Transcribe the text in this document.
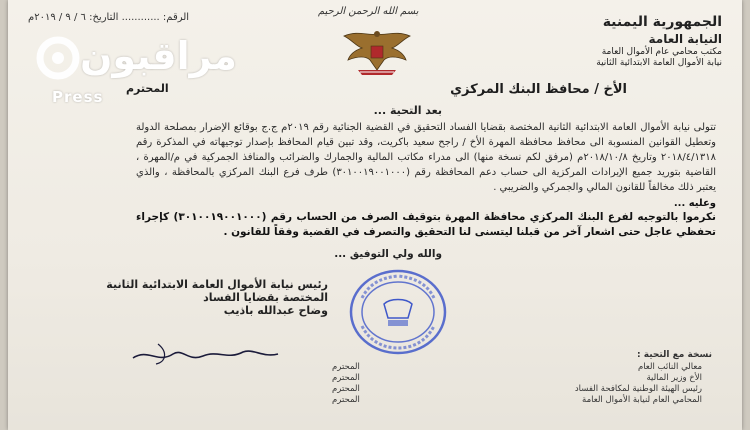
الجمهورية اليمنية
النيابة العامة
مكتب محامي عام الأموال العامة
نيابة الأموال العامة الابتدائية الثانية
بسم الله الرحمن الرحيم
الرقم: ............ التاريخ: ٦ / ٩ / ٢٠١٩م
مراقبون
Press	الأخ / محافظ البنك المركزي
المحترم
بعد التحية ...
تتولى نيابة الأموال العامة الابتدائية الثانية المختصة بقضايا الفساد التحقيق في القضية الجنائية رقم ٢٠١٩م ج.ج بوقائع الإضرار بمصلحة الدولة وتعطيل القوانين المنسوبة الى محافظ محافظة المهرة الأخ / راجح سعيد باكريت، وقد تبين قيام المحافظ بإصدار توجيهاته في المذكرة رقم ٢٠١٨/٤/١٣١٨ وتاريخ ٢٠١٨/١٠/٨م (مرفق لكم نسخة منها) الى مدراء مكاتب المالية والجمارك والضرائب والمنافذ الجمركية في م/المهرة ، القاضية بتوريد جميع الإيرادات المركزية الى حساب دعم المحافظة رقم (٣٠١٠٠١٩٠٠١٠٠٠) طرف فرع البنك المركزي بالمحافظة ، والذي يعتبر ذلك مخالفاً للقانون المالي والجمركي والضريبي .
وعليه ...
نكرموا بالتوجيه لفرع البنك المركزي محافظة المهرة بتوقيف الصرف من الحساب رقم (٣٠١٠٠١٩٠٠١٠٠٠) كإجراء تحفظي عاجل حتى اشعار آخر من قبلنا ليتسنى لنا التحقيق والتصرف في القضية وفقاً للقانون .
والله ولي التوفيق ...
رئيس نيابة الأموال العامة الابتدائية الثانية
المختصة بقضايا الفساد
وضاح عبدالله باذيب
نسخة مع التحية :
معالي النائب العام
المحترم
الأخ وزير المالية
المحترم
رئيس الهيئة الوطنية لمكافحة الفساد
المحترم
المحامي العام لنيابة الأموال العامة
المحترم
